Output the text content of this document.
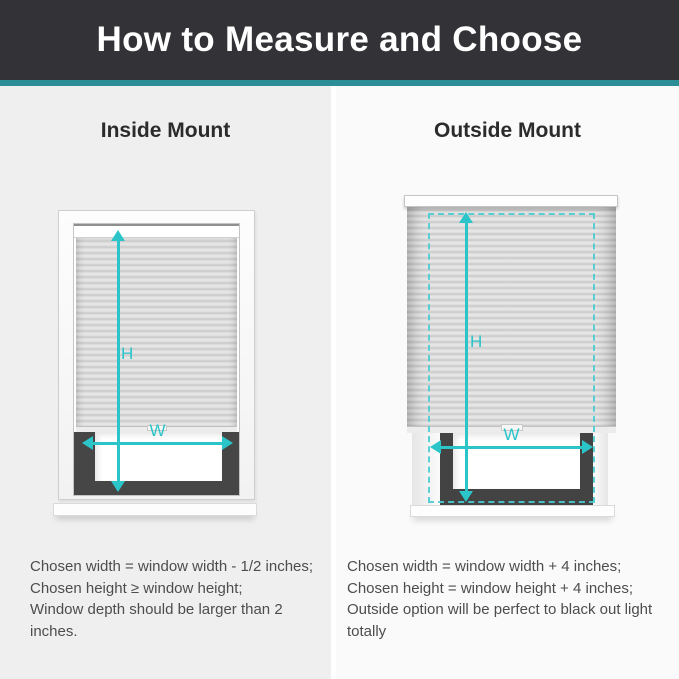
How to Measure and Choose
Inside Mount
H
W

Chosen width = window width - 1/2 inches;

Chosen height ≥ window height;

Window depth should be larger than 2 inches.

Outside Mount
H
W

Chosen width = window width + 4 inches;

Chosen height = window height + 4 inches;

Outside option will be perfect to black out light totally
